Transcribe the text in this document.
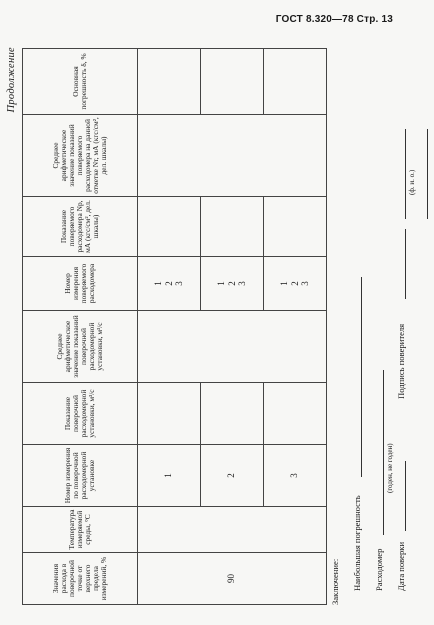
ГОСТ 8.320—78 Стр. 13
Продолжение
Значения расхода в поверочной точке от верхнего предела измерений, %	Температура измеряемой среды, °С	Номер измерения по поверочной расходомерной установке	Показание поверочной расходомерной установки, м³/с	Среднее арифметическое значение показаний поверочной расходомерной установки, м³/с	Номер измерения поверяемого расходомера	Показание поверяемого расходомера Nр, мА (кгс/см², дел. шкалы)	Среднее арифметическое значение показаний поверяемого расходомера на данной отметке Nт, мА (кгс/см², дел. шкалы)	Основная погрешность δ, %
90		1			1 2 3			

		2			1 2 3			

		3			1 2 3			

Заключение: Наибольшая погрешность Расходомер
(годен, не годен)
Дата поверки
Подпись поверителя
(ф. и. о.)
